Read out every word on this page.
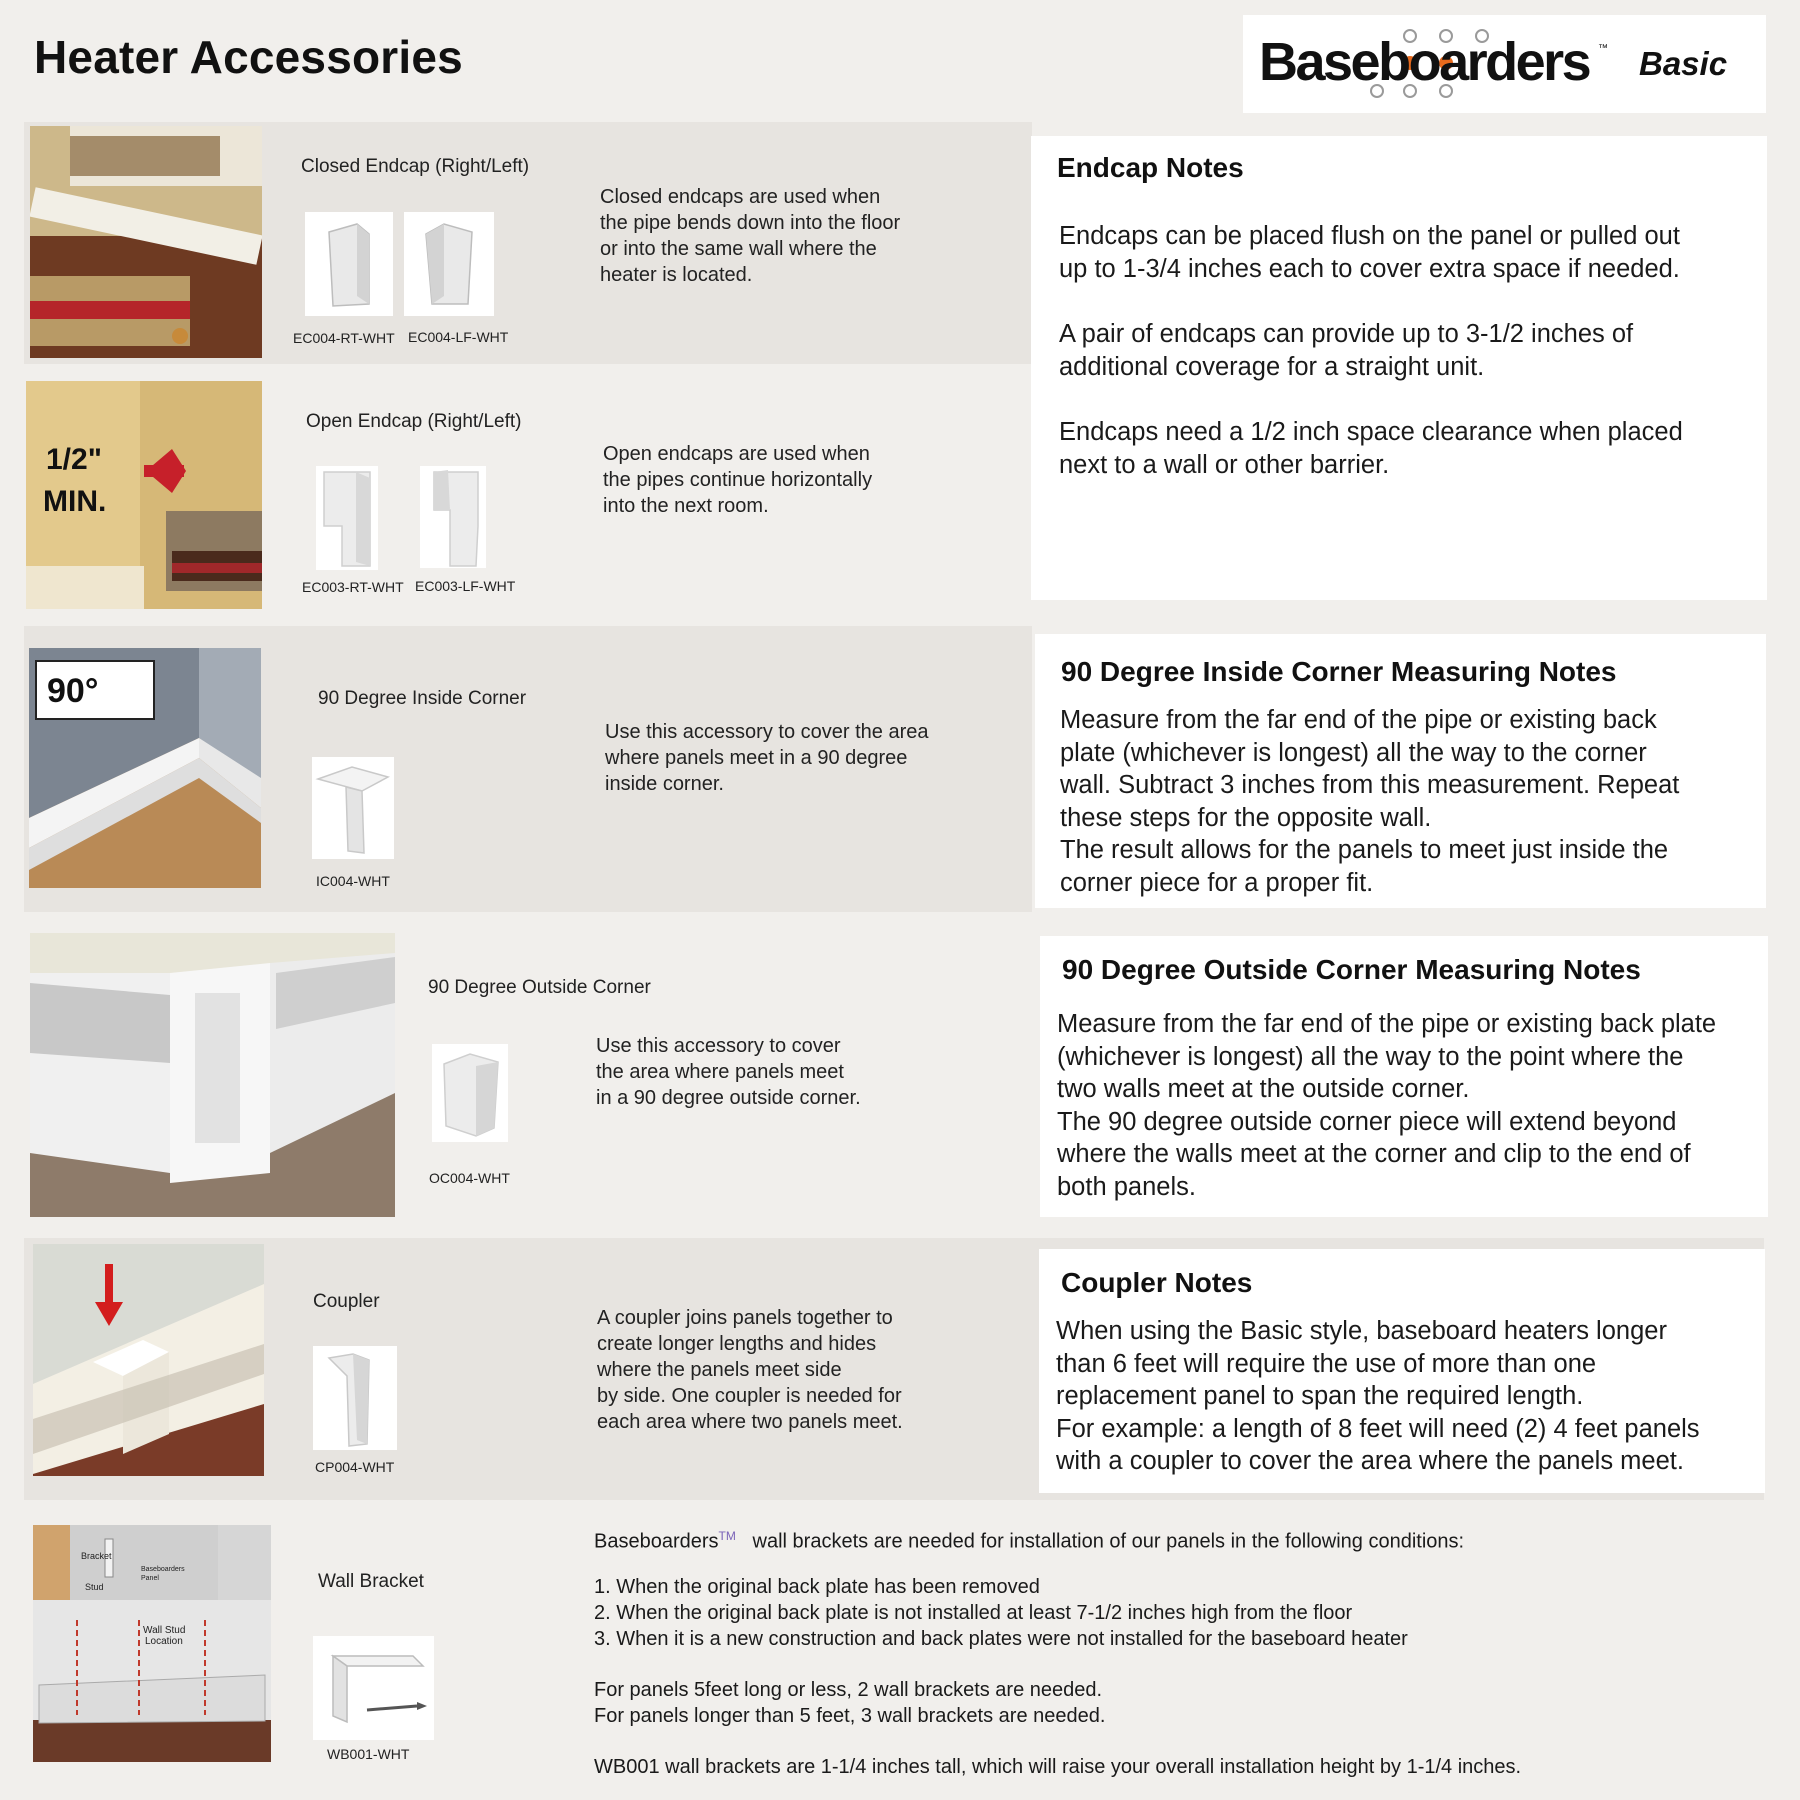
Heater Accessories	Baseboarders ™ Basic
Closed Endcap (Right/Left)
EC004-RT-WHT EC004-LF-WHT
Closed endcaps are used when
the pipe bends down into the floor
or into the same wall where the
heater is located.
1/2"
MIN.
Open Endcap (Right/Left)
EC003-RT-WHT EC003-LF-WHT
Open endcaps are used when
the pipes continue horizontally
into the next room.
Endcap Notes
Endcaps can be placed flush on the panel or pulled out
up to 1-3/4 inches each to cover extra space if needed.
A pair of endcaps can provide up to 3-1/2 inches of
additional coverage for a straight unit.
Endcaps need a 1/2 inch space clearance when placed
next to a wall or other barrier.
90°	90 Degree Inside Corner
IC004-WHT
Use this accessory to cover the area
where panels meet in a 90 degree
inside corner.
90 Degree Inside Corner Measuring Notes
Measure from the far end of the pipe or existing back
plate (whichever is longest) all the way to the corner
wall. Subtract 3 inches from this measurement. Repeat
these steps for the opposite wall.
The result allows for the panels to meet just inside the
corner piece for a proper fit.
90 Degree Outside Corner
OC004-WHT
Use this accessory to cover
the area where panels meet
in a 90 degree outside corner.
90 Degree Outside Corner Measuring Notes
Measure from the far end of the pipe or existing back plate
(whichever is longest) all the way to the point where the
two walls meet at the outside corner.
The 90 degree outside corner piece will extend beyond
where the walls meet at the corner and clip to the end of
both panels.
Coupler
CP004-WHT
A coupler joins panels together to
create longer lengths and hides
where the panels meet side
by side. One coupler is needed for
each area where two panels meet.
Coupler Notes
When using the Basic style, baseboard heaters longer
than 6 feet will require the use of more than one
replacement panel to span the required length.
For example: a length of 8 feet will need (2) 4 feet panels
with a coupler to cover the area where the panels meet.
Bracket
Stud
Baseboarders Panel
Wall Stud
Location
Wall Bracket
WB001-WHT
Baseboarders™ wall brackets are needed for installation of our panels in the following conditions:
1. When the original back plate has been removed
2. When the original back plate is not installed at least 7-1/2 inches high from the floor
3. When it is a new construction and back plates were not installed for the baseboard heater
For panels 5feet long or less, 2 wall brackets are needed.
For panels longer than 5 feet, 3 wall brackets are needed.
WB001 wall brackets are 1-1/4 inches tall, which will raise your overall installation height by 1-1/4 inches.
